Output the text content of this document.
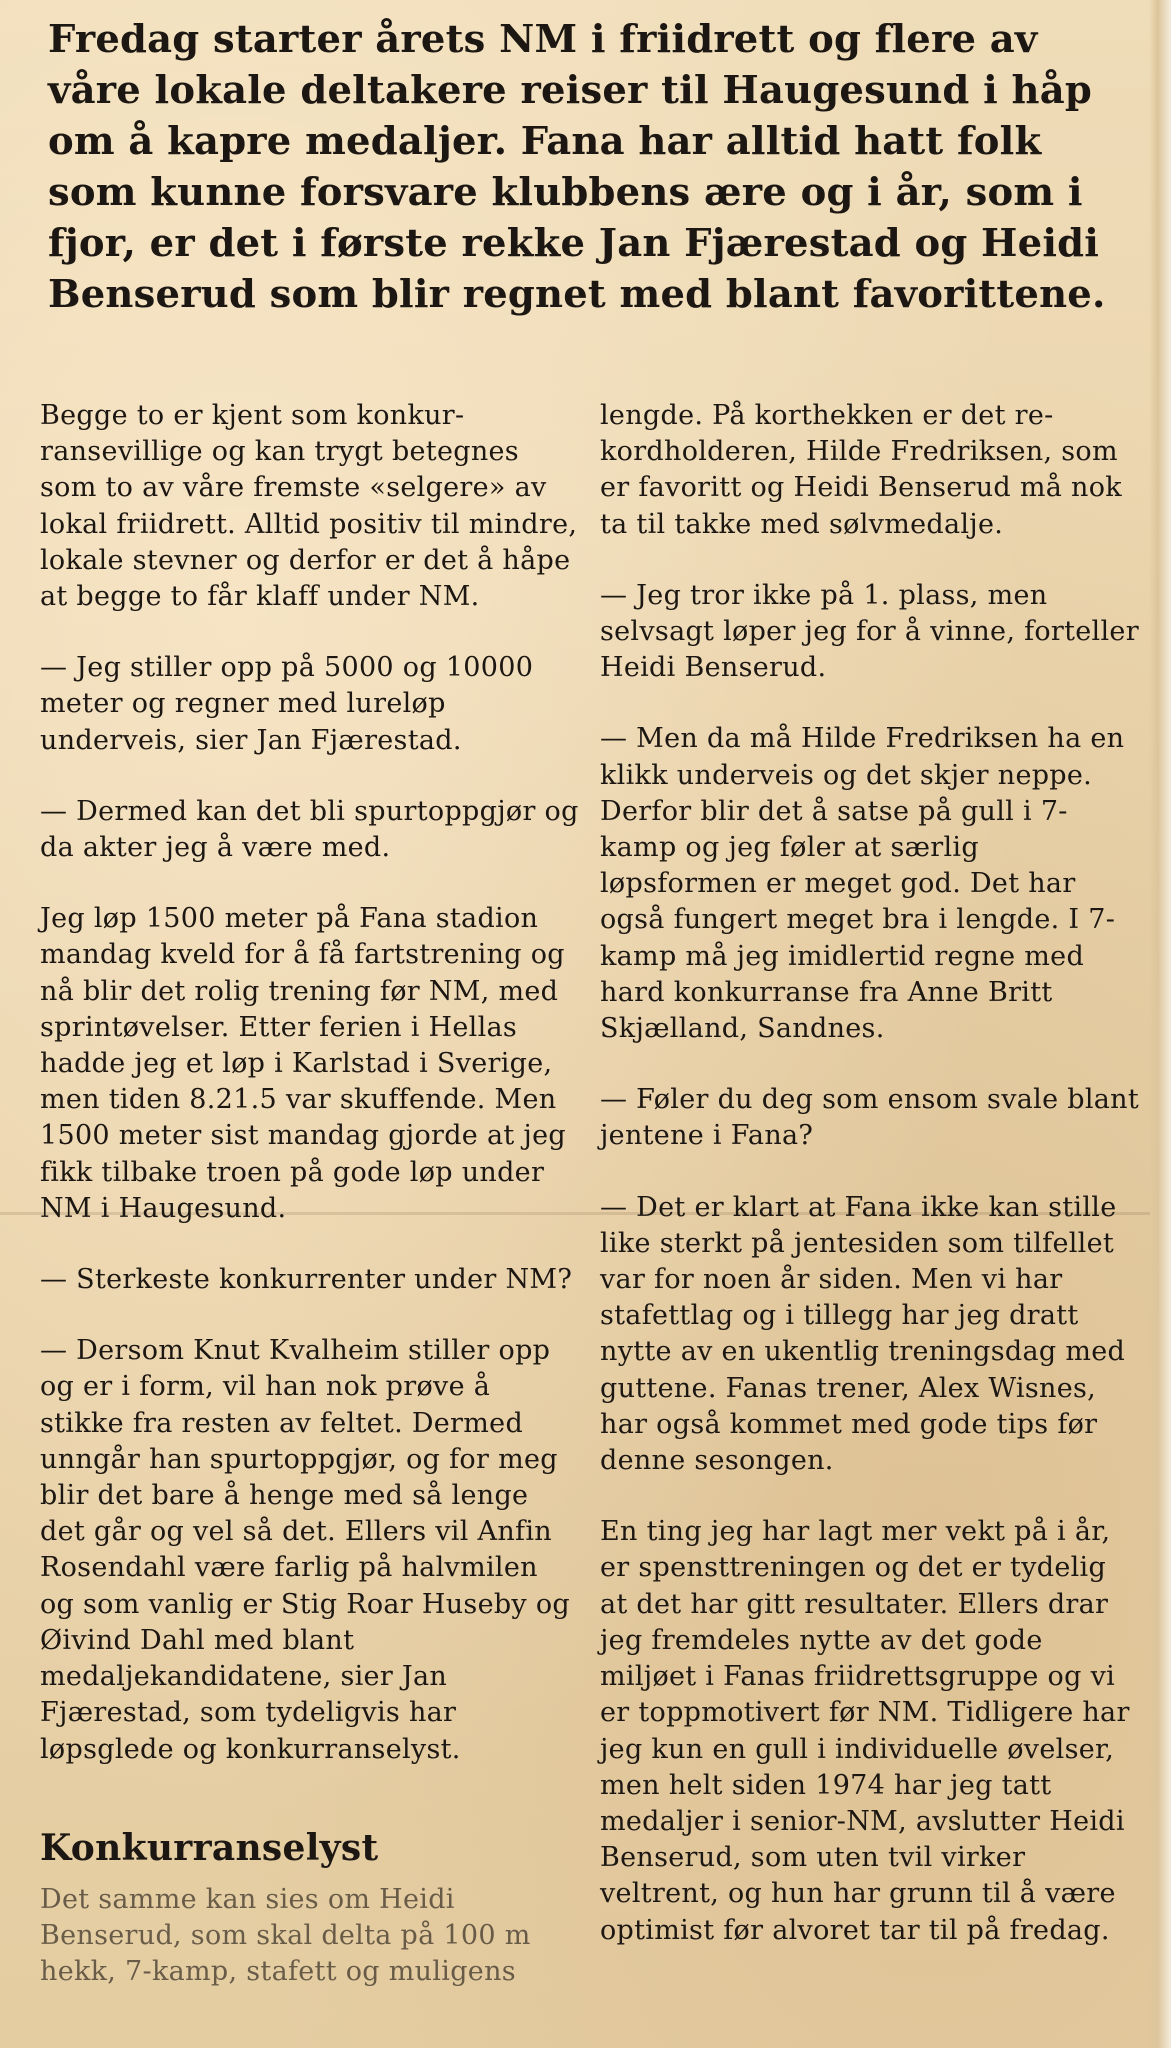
Fredag starter årets NM i friidrett og flere av våre lokale deltakere reiser til Haugesund i håp om å kapre medaljer. Fana har alltid hatt folk som kunne forsvare klubbens ære og i år, som i fjor, er det i første rekke Jan Fjærestad og Heidi Benserud som blir regnet med blant favorittene.

Begge to er kjent som konkurransevillige og kan trygt betegnes som to av våre fremste «selgere» av lokal friidrett. Alltid positiv til mindre, lokale stevner og derfor er det å håpe at begge to får klaff under NM.

— Jeg stiller opp på 5000 og 10000 meter og regner med lureløp underveis, sier Jan Fjærestad.

— Dermed kan det bli spurtoppgjør og da akter jeg å være med.

Jeg løp 1500 meter på Fana stadion mandag kveld for å få fartstrening og nå blir det rolig trening før NM, med sprintøvelser. Etter ferien i Hellas hadde jeg et løp i Karlstad i Sverige, men tiden 8.21.5 var skuffende. Men 1500 meter sist mandag gjorde at jeg fikk tilbake troen på gode løp under NM i Haugesund.

— Sterkeste konkurrenter under NM?

— Dersom Knut Kvalheim stiller opp og er i form, vil han nok prøve å stikke fra resten av feltet. Dermed unngår han spurtoppgjør, og for meg blir det bare å henge med så lenge det går og vel så det. Ellers vil Anfin Rosendahl være farlig på halvmilen og som vanlig er Stig Roar Huseby og Øivind Dahl med blant medaljekandidatene, sier Jan Fjærestad, som tydeligvis har løpsglede og konkurranselyst.

Konkurranselyst

Det samme kan sies om Heidi Benserud, som skal delta på 100 m hekk, 7-kamp, stafett og muligens

lengde. På korthekken er det rekordholderen, Hilde Fredriksen, som er favoritt og Heidi Benserud må nok ta til takke med sølvmedalje.

— Jeg tror ikke på 1. plass, men selvsagt løper jeg for å vinne, forteller Heidi Benserud.

— Men da må Hilde Fredriksen ha en klikk underveis og det skjer neppe. Derfor blir det å satse på gull i 7-kamp og jeg føler at særlig løpsformen er meget god. Det har også fungert meget bra i lengde. I 7-kamp må jeg imidlertid regne med hard konkurranse fra Anne Britt Skjælland, Sandnes.

— Føler du deg som ensom svale blant jentene i Fana?

— Det er klart at Fana ikke kan stille like sterkt på jentesiden som tilfellet var for noen år siden. Men vi har stafettlag og i tillegg har jeg dratt nytte av en ukentlig treningsdag med guttene. Fanas trener, Alex Wisnes, har også kommet med gode tips før denne sesongen.

En ting jeg har lagt mer vekt på i år, er spensttreningen og det er tydelig at det har gitt resultater. Ellers drar jeg fremdeles nytte av det gode miljøet i Fanas friidrettsgruppe og vi er toppmotivert før NM. Tidligere har jeg kun en gull i individuelle øvelser, men helt siden 1974 har jeg tatt medaljer i senior-NM, avslutter Heidi Benserud, som uten tvil virker veltrent, og hun har grunn til å være optimist før alvoret tar til på fredag.
